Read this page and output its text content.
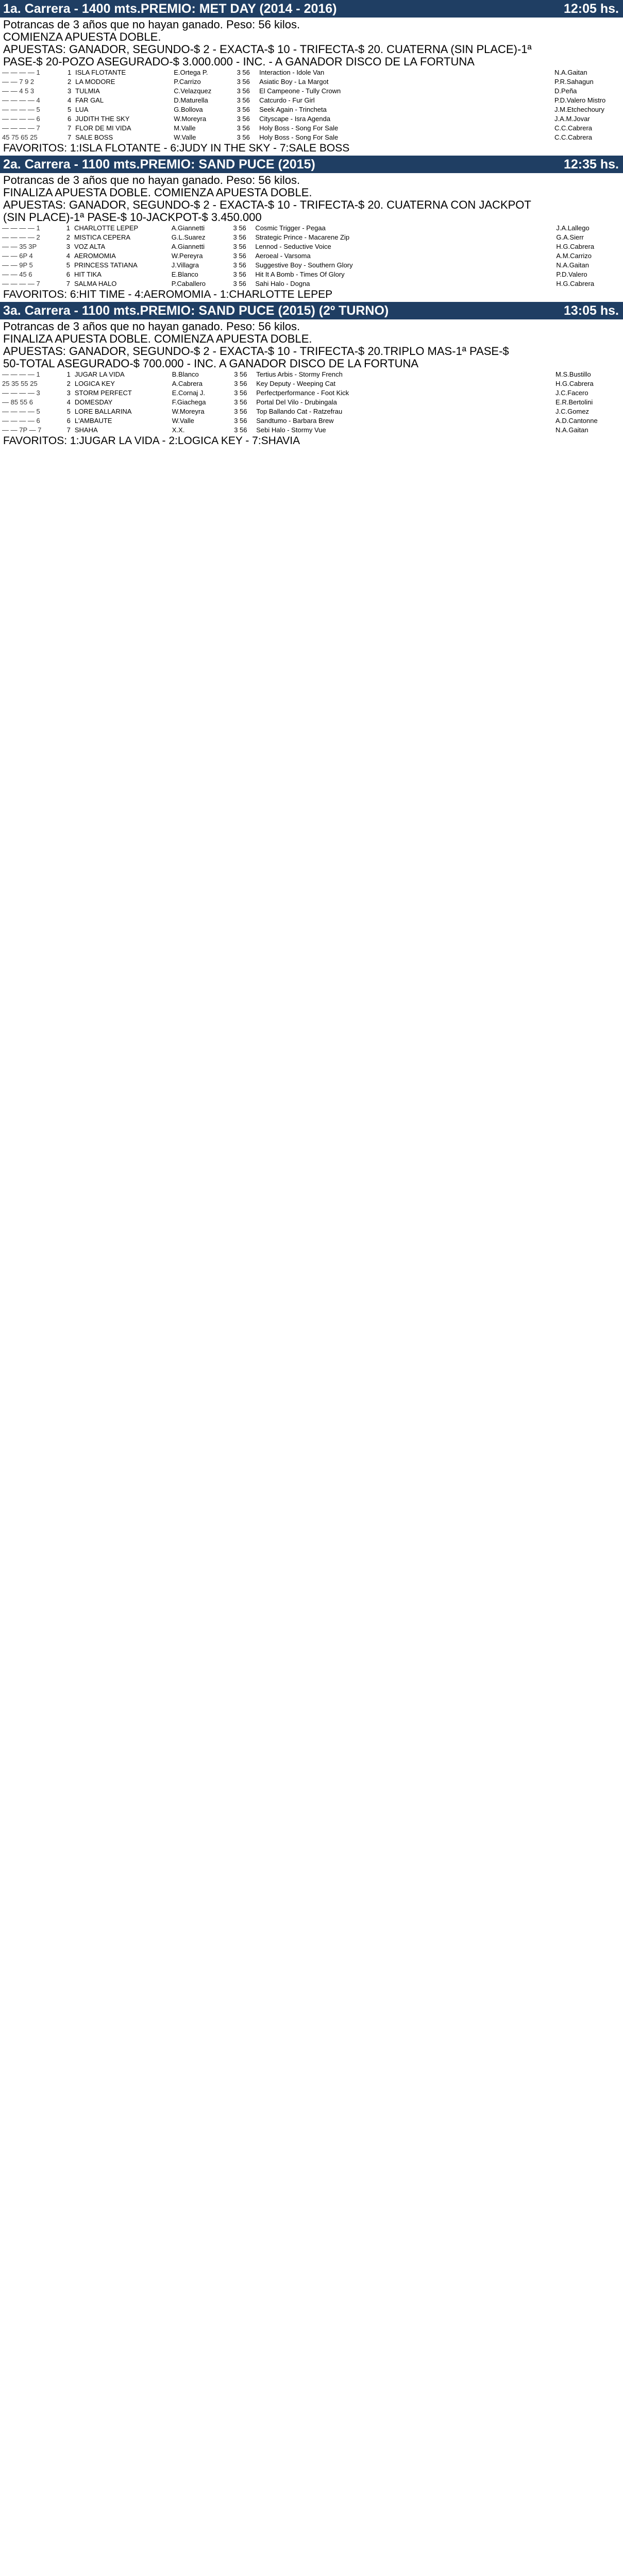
1a. Carrera - 1400 mts.PREMIO: MET DAY (2014 - 2016)	12:05 hs.
Potrancas de 3 años que no hayan ganado. Peso: 56 kilos.
COMIENZA APUESTA DOBLE.
APUESTAS: GANADOR, SEGUNDO-$ 2 - EXACTA-$ 10 - TRIFECTA-$ 20. CUATERNA (SIN PLACE)-1ª
PASE-$ 20-POZO ASEGURADO-$ 3.000.000 - INC. - A GANADOR DISCO DE LA FORTUNA
— — — — 1	1	ISLA FLOTANTE	E.Ortega P.	3 56	Interaction - Idole Van		N.A.Gaitan
— — 7 9 2	2	LA MODORE	P.Carrizo	3 56	Asiatic Boy - La Margot		P.R.Sahagun
— — 4 5 3	3	TULMIA	C.Velazquez	3 56	El Campeone - Tully Crown		D.Peña
— — — — 4	4	FAR GAL	D.Maturella	3 56	Catcurdo - Fur Girl		P.D.Valero Mistro
— — — — 5	5	LUA	G.Bollova	3 56	Seek Again - Trincheta		J.M.Etchechoury
— — — — 6	6	JUDITH THE SKY	W.Moreyra	3 56	Cityscape - Isra Agenda		J.A.M.Jovar
— — — — 7	7	FLOR DE MI VIDA	M.Valle	3 56	Holy Boss - Song For Sale		C.C.Cabrera
45 75 65 25	7	SALE BOSS	W.Valle	3 56	Holy Boss - Song For Sale		C.C.Cabrera
FAVORITOS: 1:ISLA FLOTANTE - 6:JUDY IN THE SKY - 7:SALE BOSS
2a. Carrera - 1100 mts.PREMIO: SAND PUCE (2015)	12:35 hs.
Potrancas de 3 años que no hayan ganado. Peso: 56 kilos.
FINALIZA APUESTA DOBLE. COMIENZA APUESTA DOBLE.
APUESTAS: GANADOR, SEGUNDO-$ 2 - EXACTA-$ 10 - TRIFECTA-$ 20. CUATERNA CON JACKPOT
(SIN PLACE)-1ª PASE-$ 10-JACKPOT-$ 3.450.000
— — — — 1	1	CHARLOTTE LEPEP	A.Giannetti	3 56	Cosmic Trigger - Pegaa		J.A.Lallego
— — — — 2	2	MISTICA CEPERA	G.L.Suarez	3 56	Strategic Prince - Macarene Zip		G.A.Sierr
— — 35 3P	3	VOZ ALTA	A.Giannetti	3 56	Lennod - Seductive Voice		H.G.Cabrera
— — 6P 4	4	AEROMOMIA	W.Pereyra	3 56	Aeroeal - Varsoma		A.M.Carrizo
— — 9P 5	5	PRINCESS TATIANA	J.Villagra	3 56	Suggestive Boy - Southern Glory		N.A.Gaitan
— — 45 6	6	HIT TIKA	E.Blanco	3 56	Hit It A Bomb - Times Of Glory		P.D.Valero
— — — — 7	7	SALMA HALO	P.Caballero	3 56	Sahi Halo - Dogna		H.G.Cabrera
FAVORITOS: 6:HIT TIME - 4:AEROMOMIA - 1:CHARLOTTE LEPEP
3a. Carrera - 1100 mts.PREMIO: SAND PUCE (2015) (2º TURNO)	13:05 hs.
Potrancas de 3 años que no hayan ganado. Peso: 56 kilos.
FINALIZA APUESTA DOBLE. COMIENZA APUESTA DOBLE.
APUESTAS: GANADOR, SEGUNDO-$ 2 - EXACTA-$ 10 - TRIFECTA-$ 20.TRIPLO MAS-1ª PASE-$
50-TOTAL ASEGURADO-$ 700.000 - INC. A GANADOR DISCO DE LA FORTUNA
— — — — 1	1	JUGAR LA VIDA	B.Blanco	3 56	Tertius Arbis - Stormy French		M.S.Bustillo
25 35 55 25	2	LOGICA KEY	A.Cabrera	3 56	Key Deputy - Weeping Cat		H.G.Cabrera
— — — — 3	3	STORM PERFECT	E.Cornaj J.	3 56	Perfectperformance - Foot Kick		J.C.Facero
— 85 55 6	4	DOMESDAY	F.Giachega	3 56	Portal Del Vilo - Drubingala		E.R.Bertolini
— — — — 5	5	LORE BALLARINA	W.Moreyra	3 56	Top Ballando Cat - Ratzefrau		J.C.Gomez
— — — — 6	6	L'AMBAUTE	W.Valle	3 56	Sandtumo - Barbara Brew		A.D.Cantonne
— — 7P — 7	7	SHAHA	X.X.	3 56	Sebi Halo - Stormy Vue		N.A.Gaitan
FAVORITOS: 1:JUGAR LA VIDA - 2:LOGICA KEY - 7:SHAVIA
